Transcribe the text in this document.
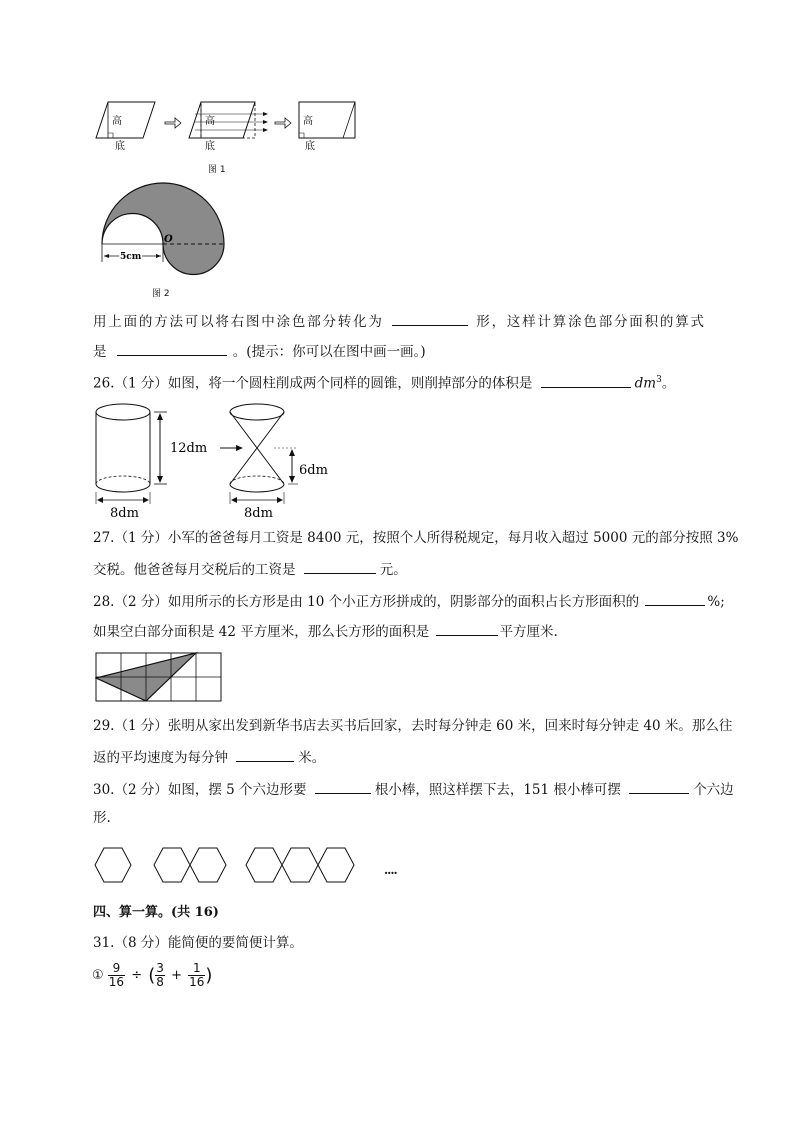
高
底
高
底
高
底
图 1
O
5cm
图 2
用上面的方法可以将右图中涂色部分转化为	形，这样计算涂色部分面积的算式
是	。(提示：你可以在图中画一画。)
26.（1 分）如图，将一个圆柱削成两个同样的圆锥，则削掉部分的体积是	$dm^3$。
12dm
8dm
6dm
8dm
27.（1 分）小军的爸爸每月工资是 8400 元，按照个人所得税规定，每月收入超过 5000 元的部分按照 3%
交税。他爸爸每月交税后的工资是	元。
28.（2 分）如用所示的长方形是由 10 个小正方形拼成的，阴影部分的面积占长方形面积的	%;
如果空白部分面积是 42 平方厘米，那么长方形的面积是	平方厘米.
29.（1 分）张明从家出发到新华书店去买书后回家，去时每分钟走 60 米，回来时每分钟走 40 米。那么往
返的平均速度为每分钟	米。
30.（2 分）如图，摆 5 个六边形要	根小棒，照这样摆下去，151 根小棒可摆	个六边
形.
....
四、算一算。(共 16)
31.（8 分）能简便的要简便计算。
① $\frac{9}{16}$ ÷ ( $\frac{3}{8} + \frac{1}{16}$ )
